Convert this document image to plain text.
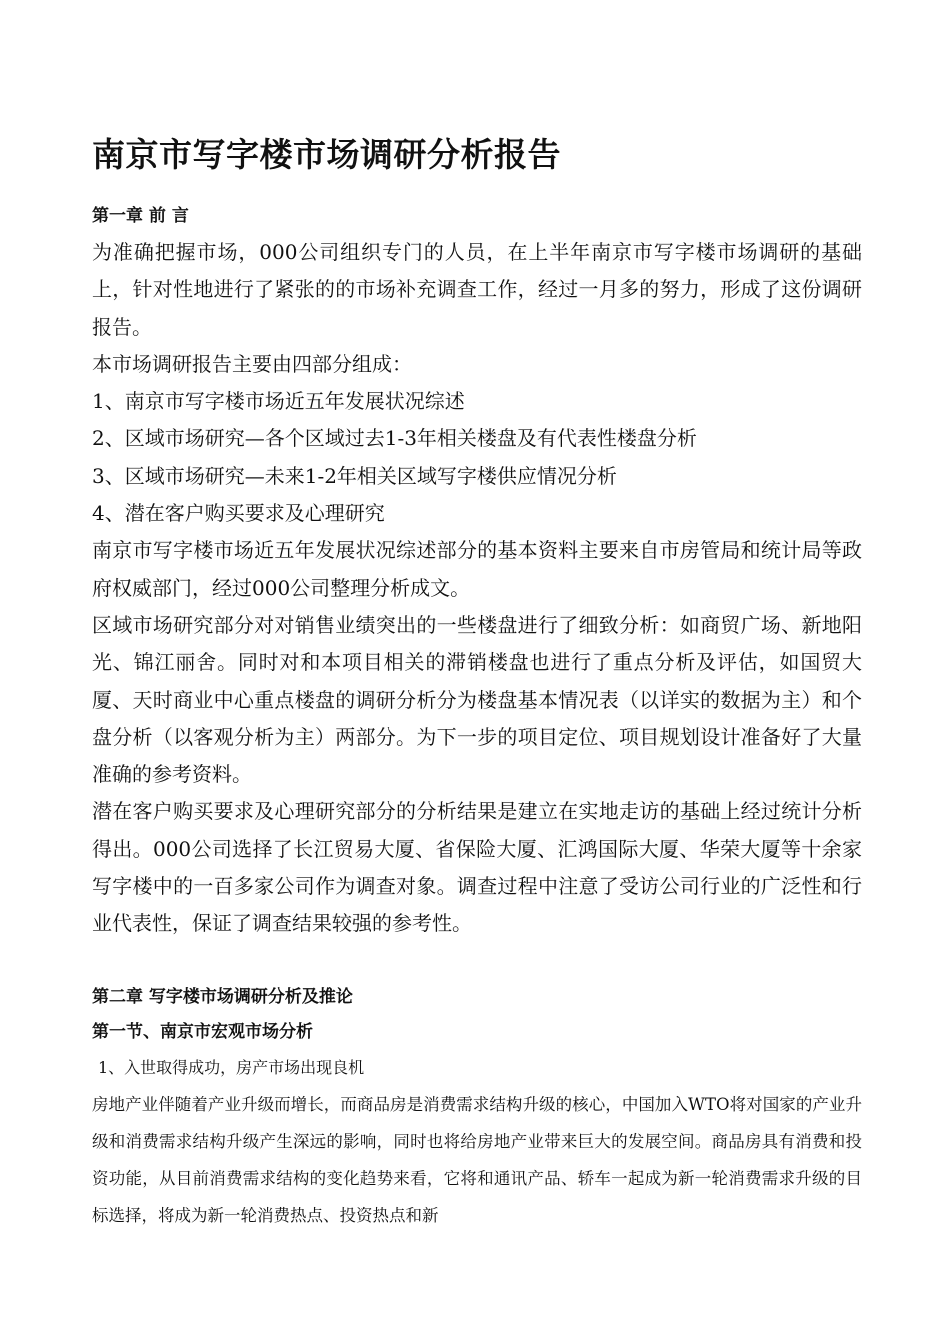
南京市写字楼市场调研分析报告
第一章 前 言

为准确把握市场，000公司组织专门的人员，在上半年南京市写字楼市场调研的基础上，针对性地进行了紧张的的市场补充调查工作，经过一月多的努力，形成了这份调研报告。

本市场调研报告主要由四部分组成：

1、南京市写字楼市场近五年发展状况综述

2、区域市场研究—各个区域过去1-3年相关楼盘及有代表性楼盘分析

3、区域市场研究—未来1-2年相关区域写字楼供应情况分析

4、潜在客户购买要求及心理研究

南京市写字楼市场近五年发展状况综述部分的基本资料主要来自市房管局和统计局等政府权威部门，经过000公司整理分析成文。

区域市场研究部分对对销售业绩突出的一些楼盘进行了细致分析：如商贸广场、新地阳光、锦江丽舍。同时对和本项目相关的滞销楼盘也进行了重点分析及评估，如国贸大厦、天时商业中心重点楼盘的调研分析分为楼盘基本情况表（以详实的数据为主）和个盘分析（以客观分析为主）两部分。为下一步的项目定位、项目规划设计准备好了大量准确的参考资料。

潜在客户购买要求及心理研究部分的分析结果是建立在实地走访的基础上经过统计分析得出。000公司选择了长江贸易大厦、省保险大厦、汇鸿国际大厦、华荣大厦等十余家写字楼中的一百多家公司作为调查对象。调查过程中注意了受访公司行业的广泛性和行业代表性，保证了调查结果较强的参考性。

第二章 写字楼市场调研分析及推论
第一节、南京市宏观市场分析

1、入世取得成功，房产市场出现良机

房地产业伴随着产业升级而增长，而商品房是消费需求结构升级的核心，中国加入WTO将对国家的产业升级和消费需求结构升级产生深远的影响，同时也将给房地产业带来巨大的发展空间。商品房具有消费和投资功能，从目前消费需求结构的变化趋势来看，它将和通讯产品、轿车一起成为新一轮消费需求升级的目标选择，将成为新一轮消费热点、投资热点和新
